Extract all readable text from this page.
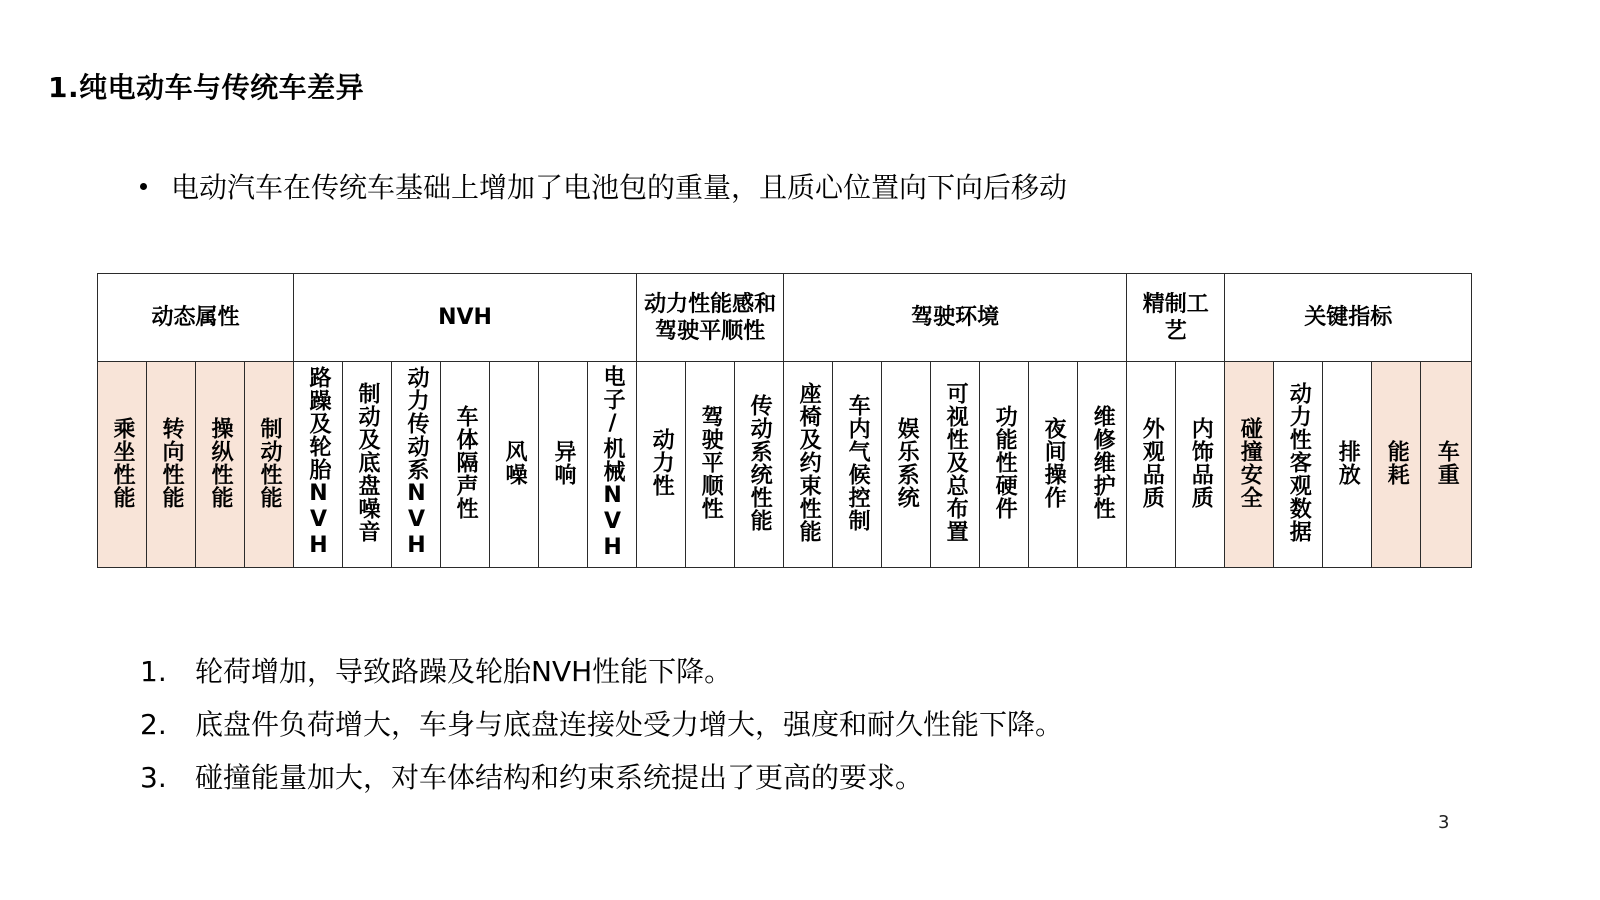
1.纯电动车与传统车差异
电动汽车在传统车基础上增加了电池包的重量，且质心位置向下向后移动
动态属性				NVH							动力性能感和驾驶平顺性			驾驶环境							精制工艺		关键指标				
乘坐性能	转向性能	操纵性能	制动性能	路躁及轮胎NVH	制动及底盘噪音	动力传动系NVH	车体隔声性	风噪	异响	电子/机械NVH	动力性	驾驶平顺性	传动系统性能	座椅及约束性能	车内气候控制	娱乐系统	可视性及总布置	功能性硬件	夜间操作	维修维护性	外观品质	内饰品质	碰撞安全	动力性客观数据	排放	能耗	车重
1. 轮荷增加，导致路躁及轮胎NVH性能下降。
2. 底盘件负荷增大，车身与底盘连接处受力增大，强度和耐久性能下降。
3. 碰撞能量加大，对车体结构和约束系统提出了更高的要求。
3
